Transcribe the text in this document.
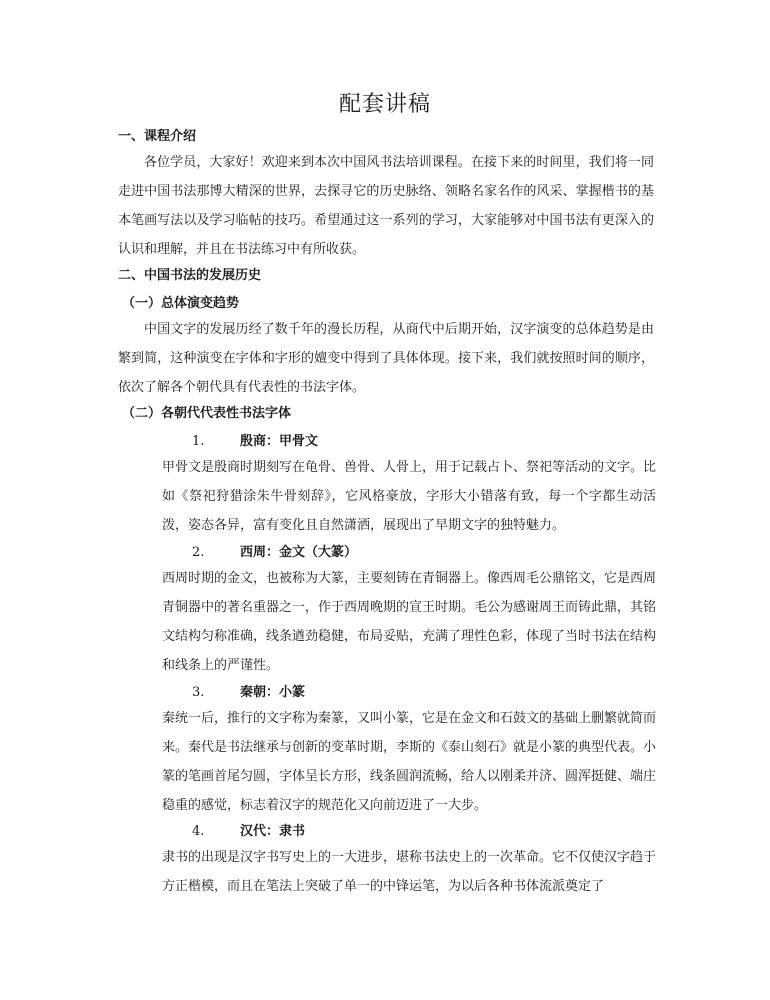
配套讲稿
一、课程介绍

各位学员，大家好！欢迎来到本次中国风书法培训课程。在接下来的时间里，我们将一同走进中国书法那博大精深的世界，去探寻它的历史脉络、领略名家名作的风采、掌握楷书的基本笔画写法以及学习临帖的技巧。希望通过这一系列的学习，大家能够对中国书法有更深入的认识和理解，并且在书法练习中有所收获。

二、中国书法的发展历史
（一）总体演变趋势

中国文字的发展历经了数千年的漫长历程，从商代中后期开始，汉字演变的总体趋势是由繁到简，这种演变在字体和字形的嬗变中得到了具体体现。接下来，我们就按照时间的顺序，依次了解各个朝代具有代表性的书法字体。

（二）各朝代代表性书法字体
1.	殷商：甲骨文

甲骨文是殷商时期刻写在龟骨、兽骨、人骨上，用于记载占卜、祭祀等活动的文字。比如《祭祀狩猎涂朱牛骨刻辞》，它风格豪放，字形大小错落有致，每一个字都生动活泼，姿态各异，富有变化且自然潇洒，展现出了早期文字的独特魅力。

2.	西周：金文（大篆）

西周时期的金文，也被称为大篆，主要刻铸在青铜器上。像西周毛公鼎铭文，它是西周青铜器中的著名重器之一，作于西周晚期的宣王时期。毛公为感谢周王而铸此鼎，其铭文结构匀称准确，线条遒劲稳健，布局妥贴，充满了理性色彩，体现了当时书法在结构和线条上的严谨性。

3.	秦朝：小篆

秦统一后，推行的文字称为秦篆，又叫小篆，它是在金文和石鼓文的基础上删繁就简而来。秦代是书法继承与创新的变革时期，李斯的《泰山刻石》就是小篆的典型代表。小篆的笔画首尾匀圆，字体呈长方形，线条圆润流畅，给人以刚柔并济、圆浑挺健、端庄稳重的感觉，标志着汉字的规范化又向前迈进了一大步。

4.	汉代：隶书

隶书的出现是汉字书写史上的一大进步，堪称书法史上的一次革命。它不仅使汉字趋于方正楷模，而且在笔法上突破了单一的中锋运笔，为以后各种书体流派奠定了
